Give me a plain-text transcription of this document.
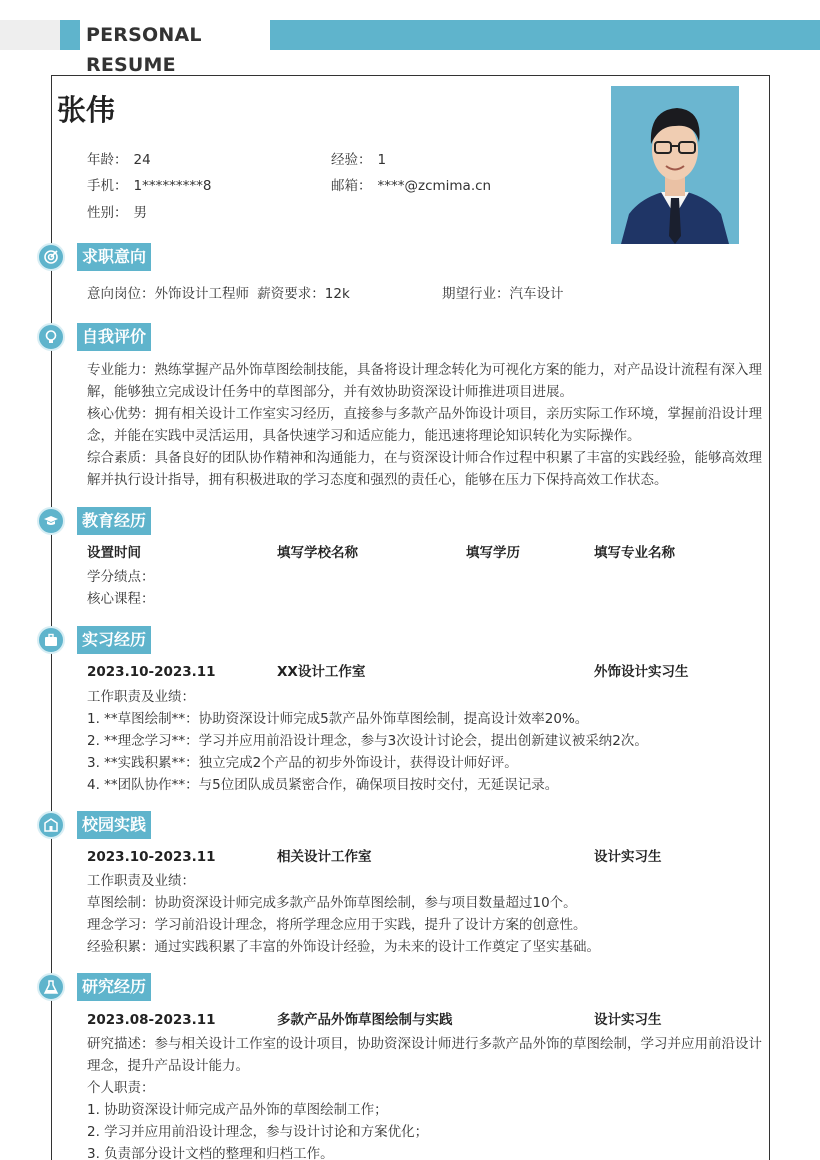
PERSONAL RESUME
张伟
年龄： 24	经验： 1
手机： 1*********8	邮箱： ****@zcmima.cn
性别： 男
求职意向
意向岗位：外饰设计工程师 薪资要求：12k	期望行业：汽车设计
自我评价
专业能力：熟练掌握产品外饰草图绘制技能，具备将设计理念转化为可视化方案的能力，对产品设计流程有深入理解，能够独立完成设计任务中的草图部分，并有效协助资深设计师推进项目进展。
核心优势：拥有相关设计工作室实习经历，直接参与多款产品外饰设计项目，亲历实际工作环境，掌握前沿设计理念，并能在实践中灵活运用，具备快速学习和适应能力，能迅速将理论知识转化为实际操作。
综合素质：具备良好的团队协作精神和沟通能力，在与资深设计师合作过程中积累了丰富的实践经验，能够高效理解并执行设计指导，拥有积极进取的学习态度和强烈的责任心，能够在压力下保持高效工作状态。
教育经历
设置时间	填写学校名称	填写学历	填写专业名称
学分绩点：
核心课程：
实习经历
2023.10-2023.11	XX设计工作室	外饰设计实习生
工作职责及业绩：
1. **草图绘制**：协助资深设计师完成5款产品外饰草图绘制，提高设计效率20%。
2. **理念学习**：学习并应用前沿设计理念，参与3次设计讨论会，提出创新建议被采纳2次。
3. **实践积累**：独立完成2个产品的初步外饰设计，获得设计师好评。
4. **团队协作**：与5位团队成员紧密合作，确保项目按时交付，无延误记录。
校园实践
2023.10-2023.11	相关设计工作室	设计实习生
工作职责及业绩：
草图绘制：协助资深设计师完成多款产品外饰草图绘制，参与项目数量超过10个。
理念学习：学习前沿设计理念，将所学理念应用于实践，提升了设计方案的创意性。
经验积累：通过实践积累了丰富的外饰设计经验，为未来的设计工作奠定了坚实基础。
研究经历
2023.08-2023.11	多款产品外饰草图绘制与实践	设计实习生
研究描述：参与相关设计工作室的设计项目，协助资深设计师进行多款产品外饰的草图绘制，学习并应用前沿设计理念，提升产品设计能力。
个人职责：
1. 协助资深设计师完成产品外饰的草图绘制工作；
2. 学习并应用前沿设计理念，参与设计讨论和方案优化；
3. 负责部分设计文档的整理和归档工作。
